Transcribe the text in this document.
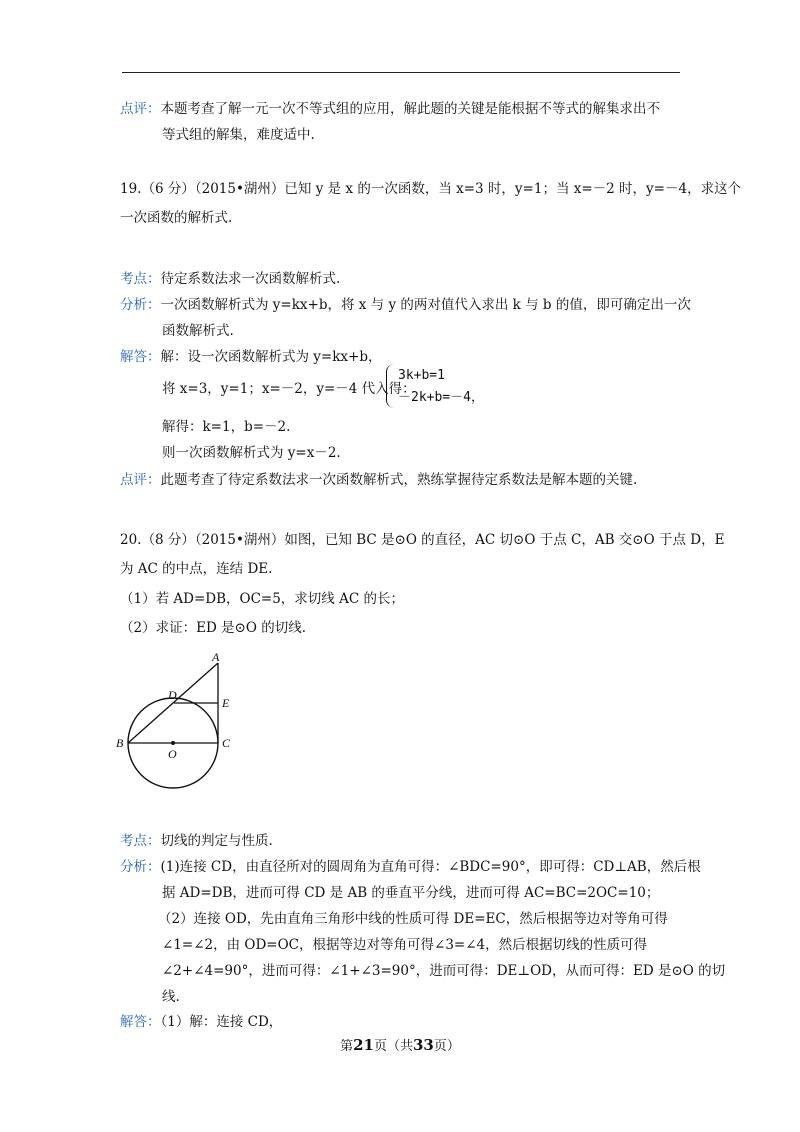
点评：本题考查了解一元一次不等式组的应用，解此题的关键是能根据不等式的解集求出不
等式组的解集，难度适中.
19.（6 分）（2015•湖州）已知 y 是 x 的一次函数，当 x=3 时，y=1；当 x=－2 时，y=－4，求这个
一次函数的解析式.
考点：待定系数法求一次函数解析式.
分析：一次函数解析式为 y=kx+b，将 x 与 y 的两对值代入求出 k 与 b 的值，即可确定出一次
函数解析式.
解答：解：设一次函数解析式为 y=kx+b，
将 x=3，y=1；x=－2，y=－4 代入得：
3k+b=1
－2k+b=－4，
解得：k=1，b=－2.
则一次函数解析式为 y=x－2.
点评：此题考查了待定系数法求一次函数解析式，熟练掌握待定系数法是解本题的关键.
20.（8 分）（2015•湖州）如图，已知 BC 是⊙O 的直径，AC 切⊙O 于点 C，AB 交⊙O 于点 D，E
为 AC 的中点，连结 DE.
（1）若 AD=DB，OC=5，求切线 AC 的长；
（2）求证：ED 是⊙O 的切线.
A
D
E
B
O
C
考点：切线的判定与性质.
分析：(1)连接 CD，由直径所对的圆周角为直角可得：∠BDC=90°，即可得：CD⊥AB，然后根
据 AD=DB，进而可得 CD 是 AB 的垂直平分线，进而可得 AC=BC=2OC=10；
（2）连接 OD，先由直角三角形中线的性质可得 DE=EC，然后根据等边对等角可得
∠1=∠2，由 OD=OC，根据等边对等角可得∠3=∠4，然后根据切线的性质可得
∠2+∠4=90°，进而可得：∠1+∠3=90°，进而可得：DE⊥OD，从而可得：ED 是⊙O 的切
线.
解答：（1）解：连接 CD，
第21页（共33页）
